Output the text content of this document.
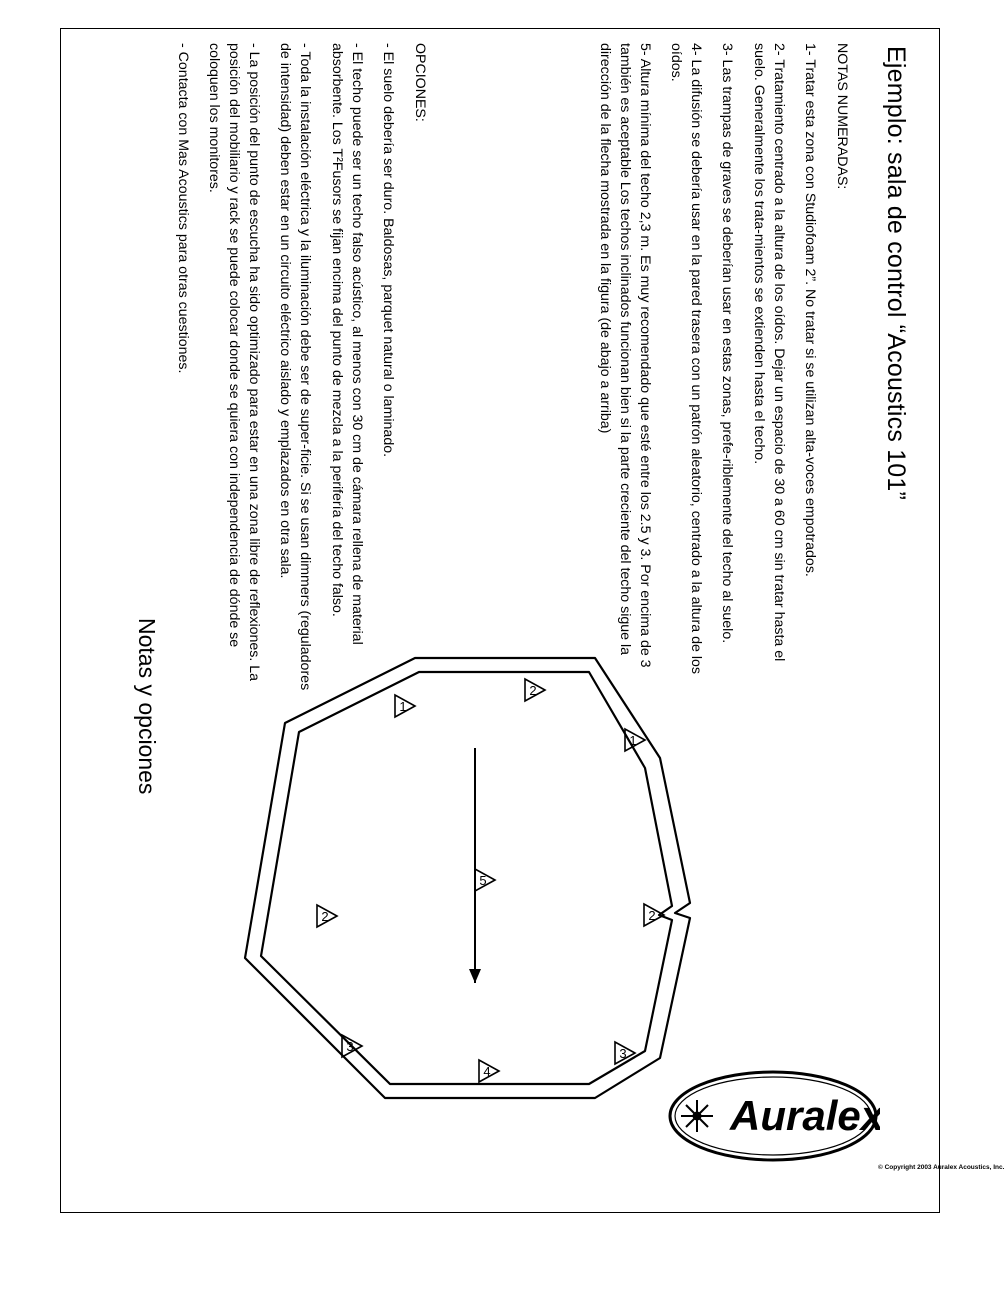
Ejemplo: sala de control “Acoustics 101”

NOTAS NUMERADAS:

1- Tratar esta zona con Studiofoam 2”. No tratar si se utilizan alta-voces empotrados.

2- Tratamiento centrado a la altura de los oídos. Dejar un espacio de 30 a 60 cm sin tratar hasta el suelo. Generalmente los trata-mientos se extienden hasta el techo.

3- Las trampas de graves se deberían usar en estas zonas, prefe-riblemente del techo al suelo.

4- La difusión se debería usar en la pared trasera con un patrón aleatorio, centrado a la altura de los oídos.

5- Altura mínima del techo 2,3 m. Es muy recomendado que esté entre los 2.5 y 3. Por encima de 3 también es aceptable Los techos inclinados funcionan bien si la parte creciente del techo sigue la dirección de la flecha mostrada en la figura (de abajo a arriba)

OPCIONES:

- El suelo debería ser duro. Baldosas, parquet natural o laminado.

- El techo puede ser un techo falso acústico, al menos con 30 cm de cámara rellena de material absorbente. Los T²Fusors se fijan encima del punto de mezcla a la perifería del techo falso.

- Toda la instalación eléctrica y la iluminación debe ser de super-ficie. Si se usan dimmers (reguladores de intensidad) deben estar en un circuito eléctrico aislado y emplazados en otra sala.

- La posición del punto de escucha ha sido optimizado para estar en una zona libre de reflexiones. La posición del mobiliario y rack se puede colocar donde se quiera con independencia de dónde se coloquen los monitores.

- Contacta con Mas Acoustics para otras cuestiones.

Notas y opciones
© Copyright 2003 Auralex Acoustics, Inc.
Auralex
1
2
1
2
2
3	3
4
5
